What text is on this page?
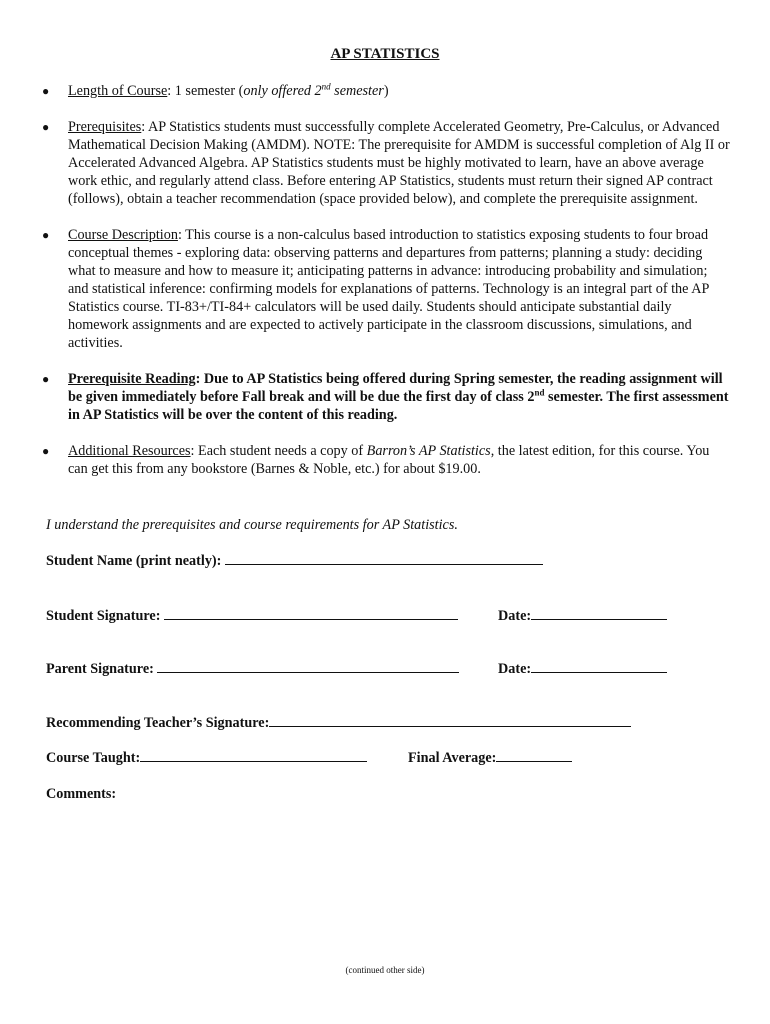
AP STATISTICS
● Length of Course: 1 semester (only offered 2nd semester)
● Prerequisites: AP Statistics students must successfully complete Accelerated Geometry, Pre-Calculus, or Advanced Mathematical Decision Making (AMDM). NOTE: The prerequisite for AMDM is successful completion of Alg II or Accelerated Advanced Algebra. AP Statistics students must be highly motivated to learn, have an above average work ethic, and regularly attend class. Before entering AP Statistics, students must return their signed AP contract (follows), obtain a teacher recommendation (space provided below), and complete the prerequisite assignment.
● Course Description: This course is a non-calculus based introduction to statistics exposing students to four broad conceptual themes - exploring data: observing patterns and departures from patterns; planning a study: deciding what to measure and how to measure it; anticipating patterns in advance: introducing probability and simulation; and statistical inference: confirming models for explanations of patterns. Technology is an integral part of the AP Statistics course. TI-83+/TI-84+ calculators will be used daily. Students should anticipate substantial daily homework assignments and are expected to actively participate in the classroom discussions, simulations, and activities.
● Prerequisite Reading: Due to AP Statistics being offered during Spring semester, the reading assignment will be given immediately before Fall break and will be due the first day of class 2nd semester. The first assessment in AP Statistics will be over the content of this reading.
● Additional Resources: Each student needs a copy of Barron’s AP Statistics, the latest edition, for this course. You can get this from any bookstore (Barnes & Noble, etc.) for about $19.00.
I understand the prerequisites and course requirements for AP Statistics.
Student Name (print neatly):
Student Signature:	Date:
Parent Signature:	Date:
Recommending Teacher’s Signature:
Course Taught:	Final Average:
Comments:
(continued other side)
